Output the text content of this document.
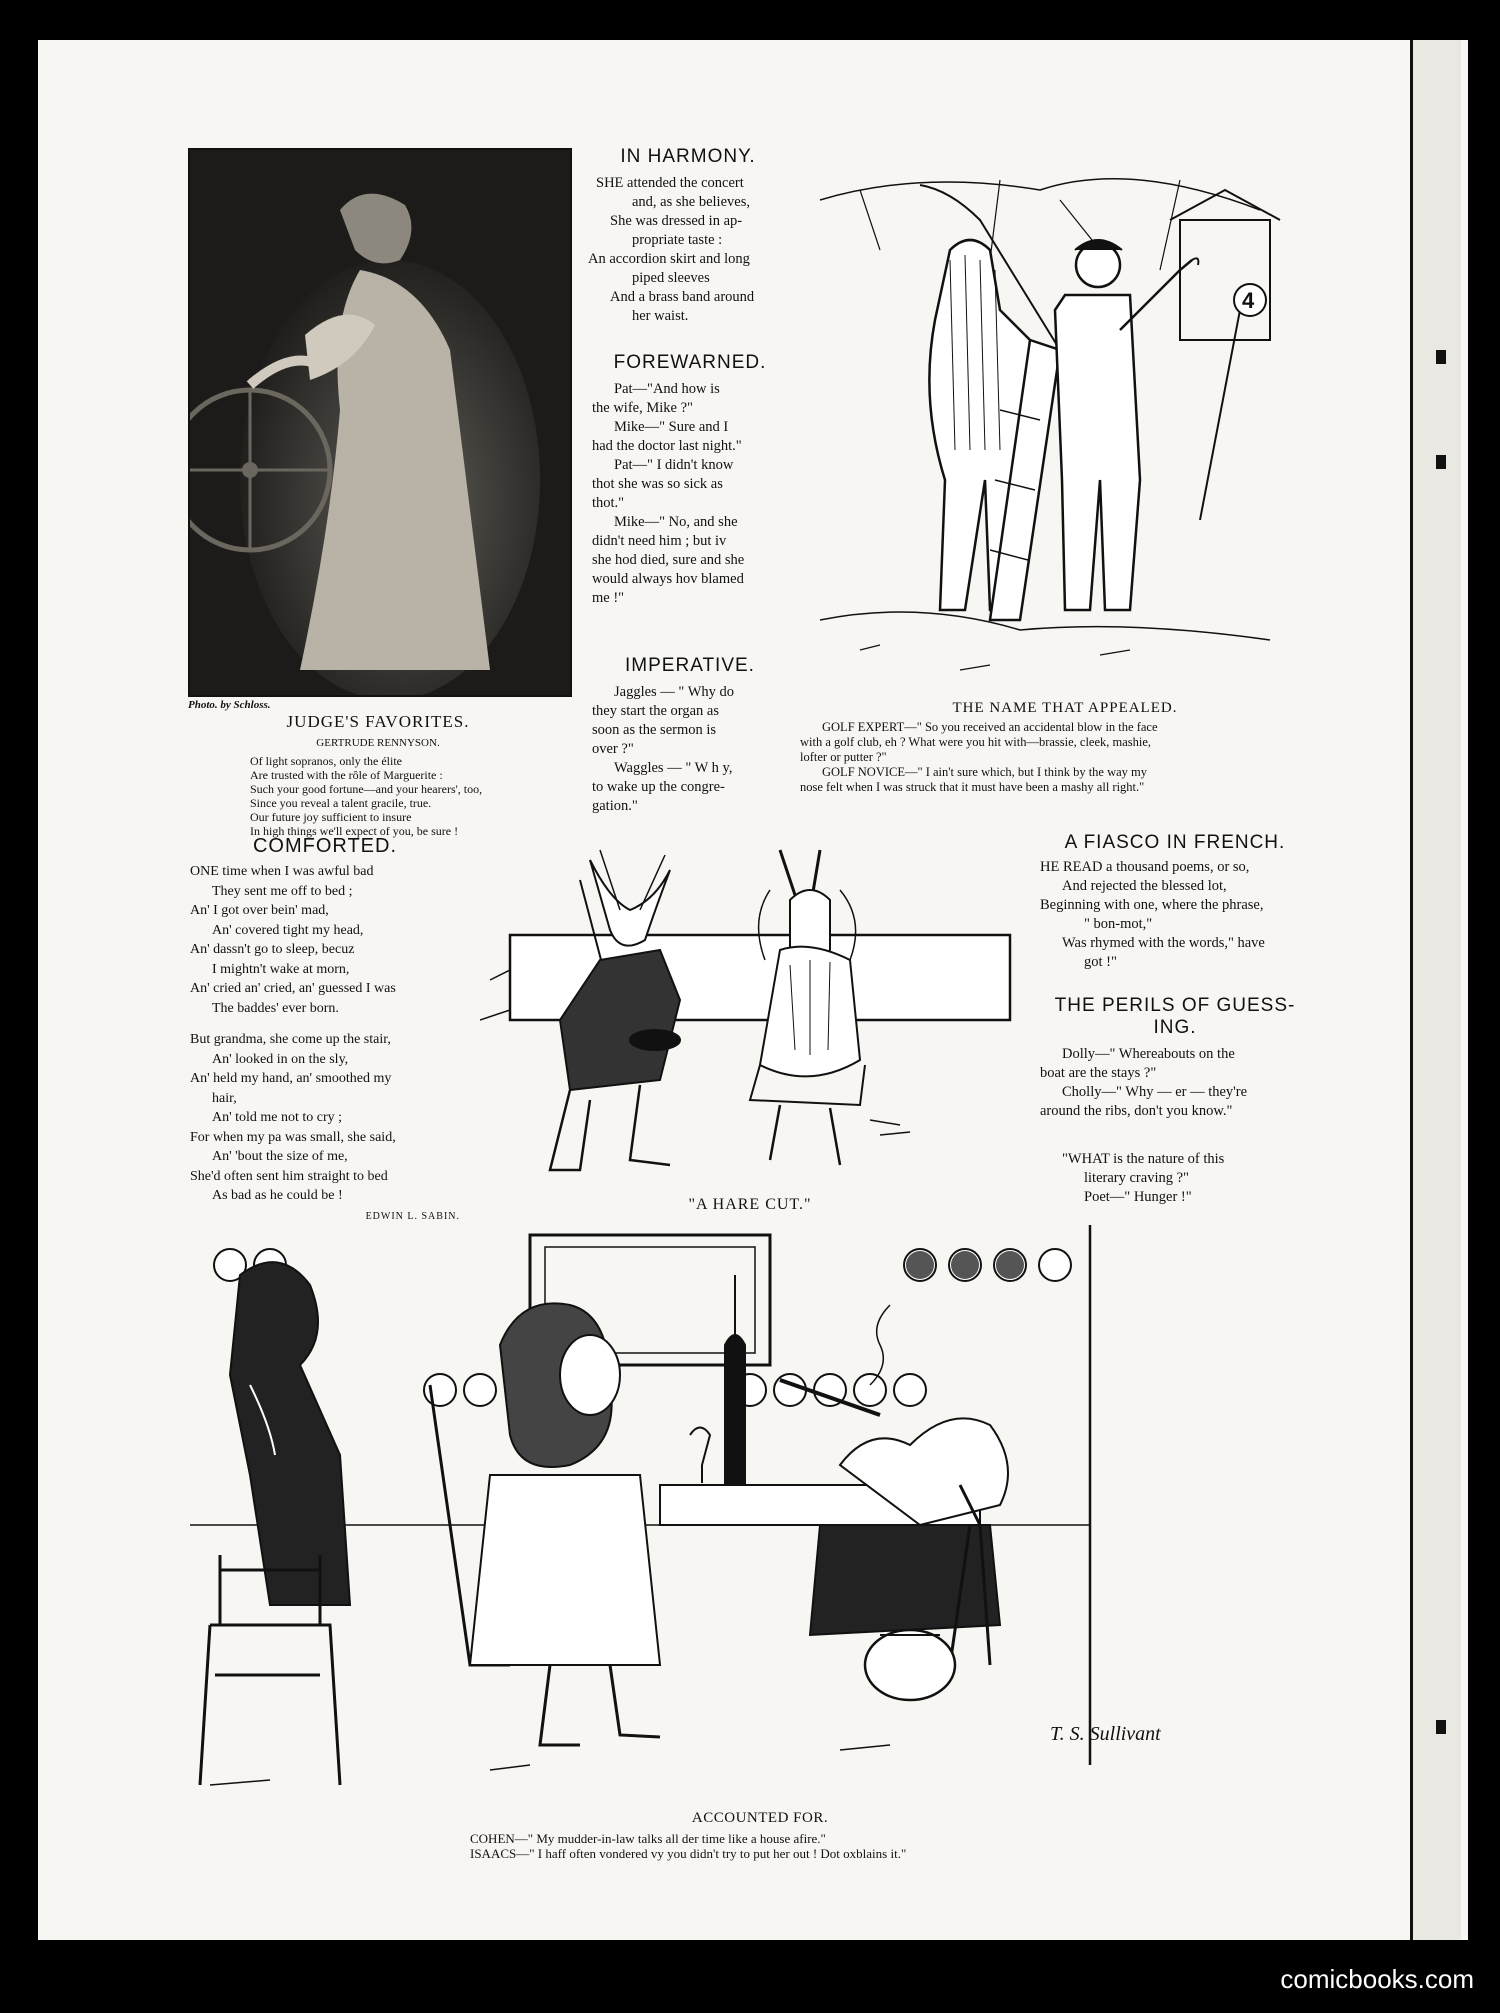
Photo. by Schloss.
JUDGE'S FAVORITES.
GERTRUDE RENNYSON.
Of light sopranos, only the élite
Are trusted with the rôle of Marguerite :
Such your good fortune—and your hearers', too,
Since you reveal a talent gracile, true.
Our future joy sufficient to insure
In high things we'll expect of you, be sure !
IN HARMONY.
SHE attended the concert
and, as she believes,
She was dressed in ap-
propriate taste :
An accordion skirt and long
piped sleeves
And a brass band around
her waist.
FOREWARNED.
Pat—"And how is
the wife, Mike ?"
Mike—" Sure and I
had the doctor last night."
Pat—" I didn't know
thot she was so sick as
thot."
Mike—" No, and she
didn't need him ; but iv
she hod died, sure and she
would always hov blamed
me !"
IMPERATIVE.
Jaggles — " Why do
they start the organ as
soon as the sermon is
over ?"
Waggles — " W h y,
to wake up the congre-
gation."
4
THE NAME THAT APPEALED.
GOLF EXPERT—" So you received an accidental blow in the face
with a golf club, eh ? What were you hit with—brassie, cleek, mashie,
lofter or putter ?"
GOLF NOVICE—" I ain't sure which, but I think by the way my
nose felt when I was struck that it must have been a mashy all right."
COMFORTED.
ONE time when I was awful bad
They sent me off to bed ;
An' I got over bein' mad,
An' covered tight my head,
An' dassn't go to sleep, becuz
I mightn't wake at morn,
An' cried an' cried, an' guessed I was
The baddes' ever born.
But grandma, she come up the stair,
An' looked in on the sly,
An' held my hand, an' smoothed my
hair,
An' told me not to cry ;
For when my pa was small, she said,
An' 'bout the size of me,
She'd often sent him straight to bed
As bad as he could be !
EDWIN L. SABIN.
"A HARE CUT."
A FIASCO IN FRENCH.
HE READ a thousand poems, or so,
And rejected the blessed lot,
Beginning with one, where the phrase,
" bon-mot,"
Was rhymed with the words," have
got !"
THE PERILS OF GUESS-
ING.
Dolly—" Whereabouts on the
boat are the stays ?"
Cholly—" Why — er — they're
around the ribs, don't you know."
"WHAT is the nature of this
literary craving ?"
Poet—" Hunger !"
T. S. Sullivant
ACCOUNTED FOR.
COHEN—" My mudder-in-law talks all der time like a house afire."
ISAACS—" I haff often vondered vy you didn't try to put her out ! Dot oxblains it."
comicbooks.com
